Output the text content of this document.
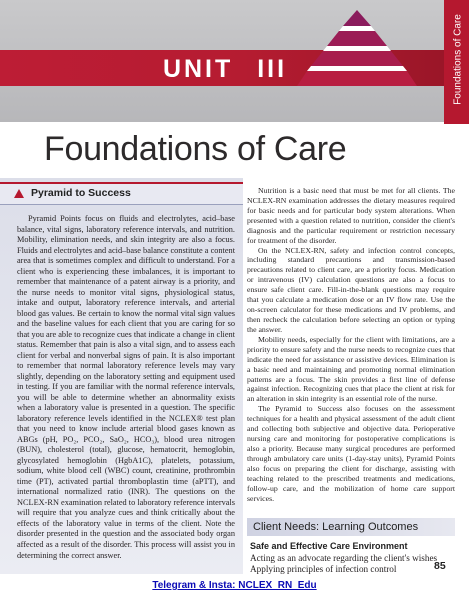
UNIT III	Foundations of Care
Foundations of Care
Pyramid to Success

Pyramid Points focus on fluids and electrolytes, acid–base balance, vital signs, laboratory reference intervals, and nutrition. Mobility, elimination needs, and skin integrity are also a focus. Fluids and electrolytes and acid–base balance constitute a content area that is sometimes complex and difficult to understand. For a client who is experiencing these imbalances, it is important to remember that maintenance of a patent airway is a priority, and the nurse needs to monitor vital signs, physiological status, intake and output, laboratory reference intervals, and arterial blood gas values. Be certain to know the normal vital sign values and the baseline values for each client that you are caring for so that you are able to recognize cues that indicate a change in client status. Remember that pain is also a vital sign, and to assess each client for verbal and nonverbal signs of pain. It is also important to remember that normal laboratory reference levels may vary slightly, depending on the laboratory setting and equipment used in testing. If you are familiar with the normal reference intervals, you will be able to determine whether an abnormality exists when a laboratory value is presented in a question. The specific laboratory reference levels identified in the NCLEX® test plan that you need to know include arterial blood gases known as ABGs (pH, PO₂, PCO₂, SaO₂, HCO₃), blood urea nitrogen (BUN), cholesterol (total), glucose, hematocrit, hemoglobin, glycosylated hemoglobin (HgbA1C), platelets, potassium, sodium, white blood cell (WBC) count, creatinine, prothrombin time (PT), activated partial thromboplastin time (aPTT), and international normalized ratio (INR). The questions on the NCLEX-RN examination related to laboratory reference intervals will require that you analyze cues and think critically about the effects of the laboratory value in terms of the client. Note the disorder presented in the question and the associated body organ affected as a result of the disorder. This process will assist you in determining the correct answer.

Nutrition is a basic need that must be met for all clients. The NCLEX-RN examination addresses the dietary measures required for basic needs and for particular body system alterations. When presented with a question related to nutrition, consider the client's diagnosis and the particular requirement or restriction necessary for treatment of the disorder.

On the NCLEX-RN, safety and infection control concepts, including standard precautions and transmission-based precautions related to client care, are a priority focus. Medication or intravenous (IV) calculation questions are also a focus to ensure safe client care. Fill-in-the-blank questions may require that you calculate a medication dose or an IV flow rate. Use the on-screen calculator for these medications and IV problems, and then recheck the calculation before selecting an option or typing the answer.

Mobility needs, especially for the client with limitations, are a priority to ensure safety and the nurse needs to recognize cues that indicate the need for assistance or assistive devices. Elimination is a basic need and maintaining and promoting normal elimination patterns are a focus. The skin provides a first line of defense against infection. Recognizing cues that place the client at risk for an alteration in skin integrity is an essential role of the nurse.

The Pyramid to Success also focuses on the assessment techniques for a health and physical assessment of the adult client and collecting both subjective and objective data. Perioperative nursing care and monitoring for postoperative complications is also a priority. Because many surgical procedures are performed through ambulatory care units (1-day-stay units), Pyramid Points also focus on preparing the client for discharge, assisting with teaching related to the prescribed treatments and medications, follow-up care, and the mobilization of home care support services.

Client Needs: Learning Outcomes
Safe and Effective Care Environment
Acting as an advocate regarding the client's wishes
Applying principles of infection control	85
Telegram & Insta: NCLEX_RN_Edu
